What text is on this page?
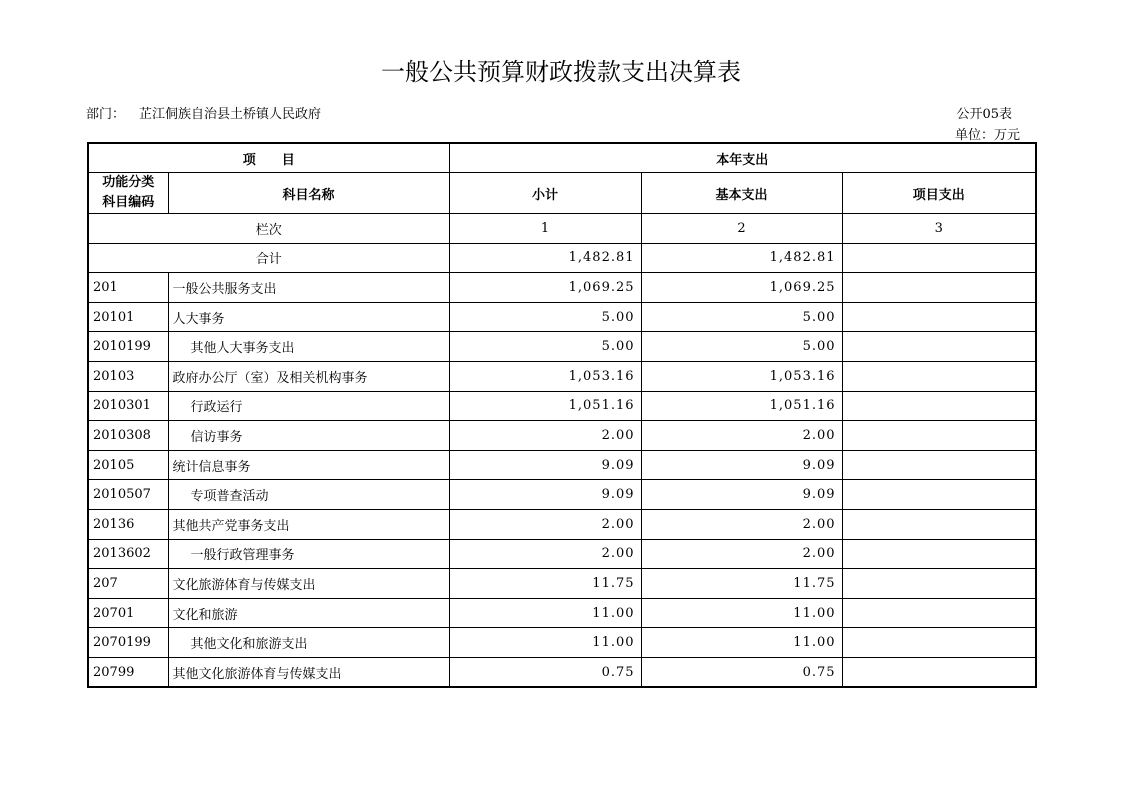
一般公共预算财政拨款支出决算表
部门： 芷江侗族自治县土桥镇人民政府	公开05表
单位：万元
项　　目		本年支出		

功能分类
科目编码	科目名称	小计	基本支出	项目支出
栏次		1	2	3
合计		1,482.81	1,482.81	
201	一般公共服务支出	1,069.25	1,069.25	
20101	人大事务	5.00	5.00	
2010199	其他人大事务支出	5.00	5.00	
20103	政府办公厅（室）及相关机构事务	1,053.16	1,053.16	
2010301	行政运行	1,051.16	1,051.16	
2010308	信访事务	2.00	2.00	
20105	统计信息事务	9.09	9.09	
2010507	专项普查活动	9.09	9.09	
20136	其他共产党事务支出	2.00	2.00	
2013602	一般行政管理事务	2.00	2.00	
207	文化旅游体育与传媒支出	11.75	11.75	
20701	文化和旅游	11.00	11.00	
2070199	其他文化和旅游支出	11.00	11.00	
20799	其他文化旅游体育与传媒支出	0.75	0.75	
